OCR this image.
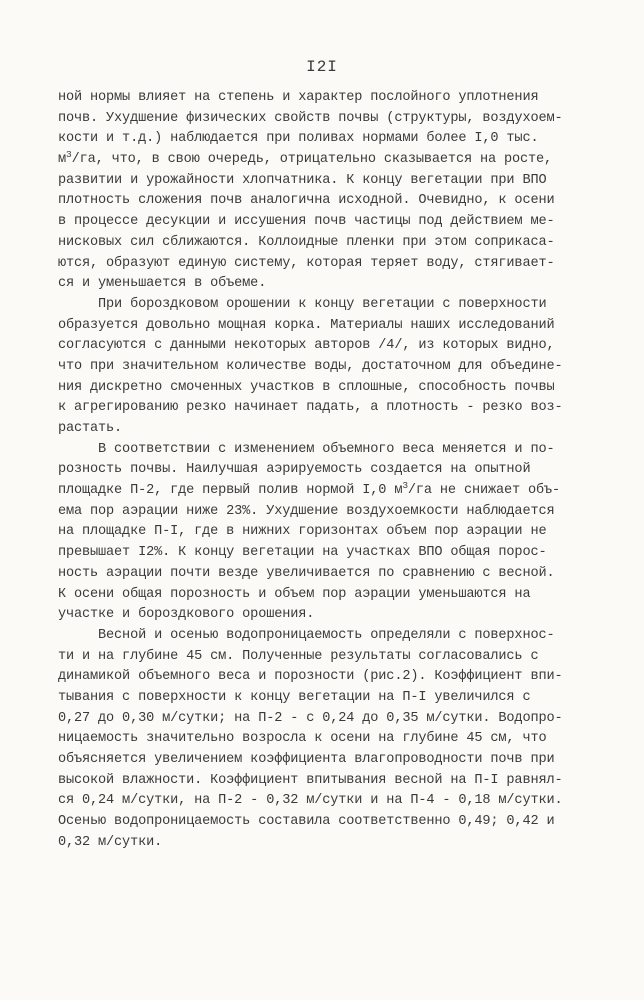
I2I
ной нормы влияет на степень и характер послойного уплотнения
почв. Ухудшение физических свойств почвы (структуры, воздухоем-
кости и т.д.) наблюдается при поливах нормами более I,0 тыс.
$м^3/га$, что, в свою очередь, отрицательно сказывается на росте,
развитии и урожайности хлопчатника. К концу вегетации при ВПО
плотность сложения почв аналогична исходной. Очевидно, к осени
в процессе десукции и иссушения почв частицы под действием ме-
нисковых сил сближаются. Коллоидные пленки при этом соприкаса-
ются, образуют единую систему, которая теряет воду, стягивает-
ся и уменьшается в объеме.
При бороздковом орошении к концу вегетации с поверхности
образуется довольно мощная корка. Материалы наших исследований
согласуются с данными некоторых авторов /4/, из которых видно,
что при значительном количестве воды, достаточном для объедине-
ния дискретно смоченных участков в сплошные, способность почвы
к агрегированию резко начинает падать, а плотность - резко воз-
растать.
В соответствии с изменением объемного веса меняется и по-
розность почвы. Наилучшая аэрируемость создается на опытной
площадке П-2, где первый полив нормой I,0 $м^3/га$ не снижает объ-
ема пор аэрации ниже 23%. Ухудшение воздухоемкости наблюдается
на площадке П-I, где в нижних горизонтах объем пор аэрации не
превышает I2%. К концу вегетации на участках ВПО общая порос-
ность аэрации почти везде увеличивается по сравнению с весной.
К осени общая порозность и объем пор аэрации уменьшаются на
участке и бороздкового орошения.
Весной и осенью водопроницаемость определяли с поверхнос-
ти и на глубине 45 см. Полученные результаты согласовались с
динамикой объемного веса и порозности (рис.2). Коэффициент впи-
тывания с поверхности к концу вегетации на П-I увеличился с
0,27 до 0,30 м/сутки; на П-2 - с 0,24 до 0,35 м/сутки. Водопро-
ницаемость значительно возросла к осени на глубине 45 см, что
объясняется увеличением коэффициента влагопроводности почв при
высокой влажности. Коэффициент впитывания весной на П-I равнял-
ся 0,24 м/сутки, на П-2 - 0,32 м/сутки и на П-4 - 0,18 м/сутки.
Осенью водопроницаемость составила соответственно 0,49; 0,42 и
0,32 м/сутки.
